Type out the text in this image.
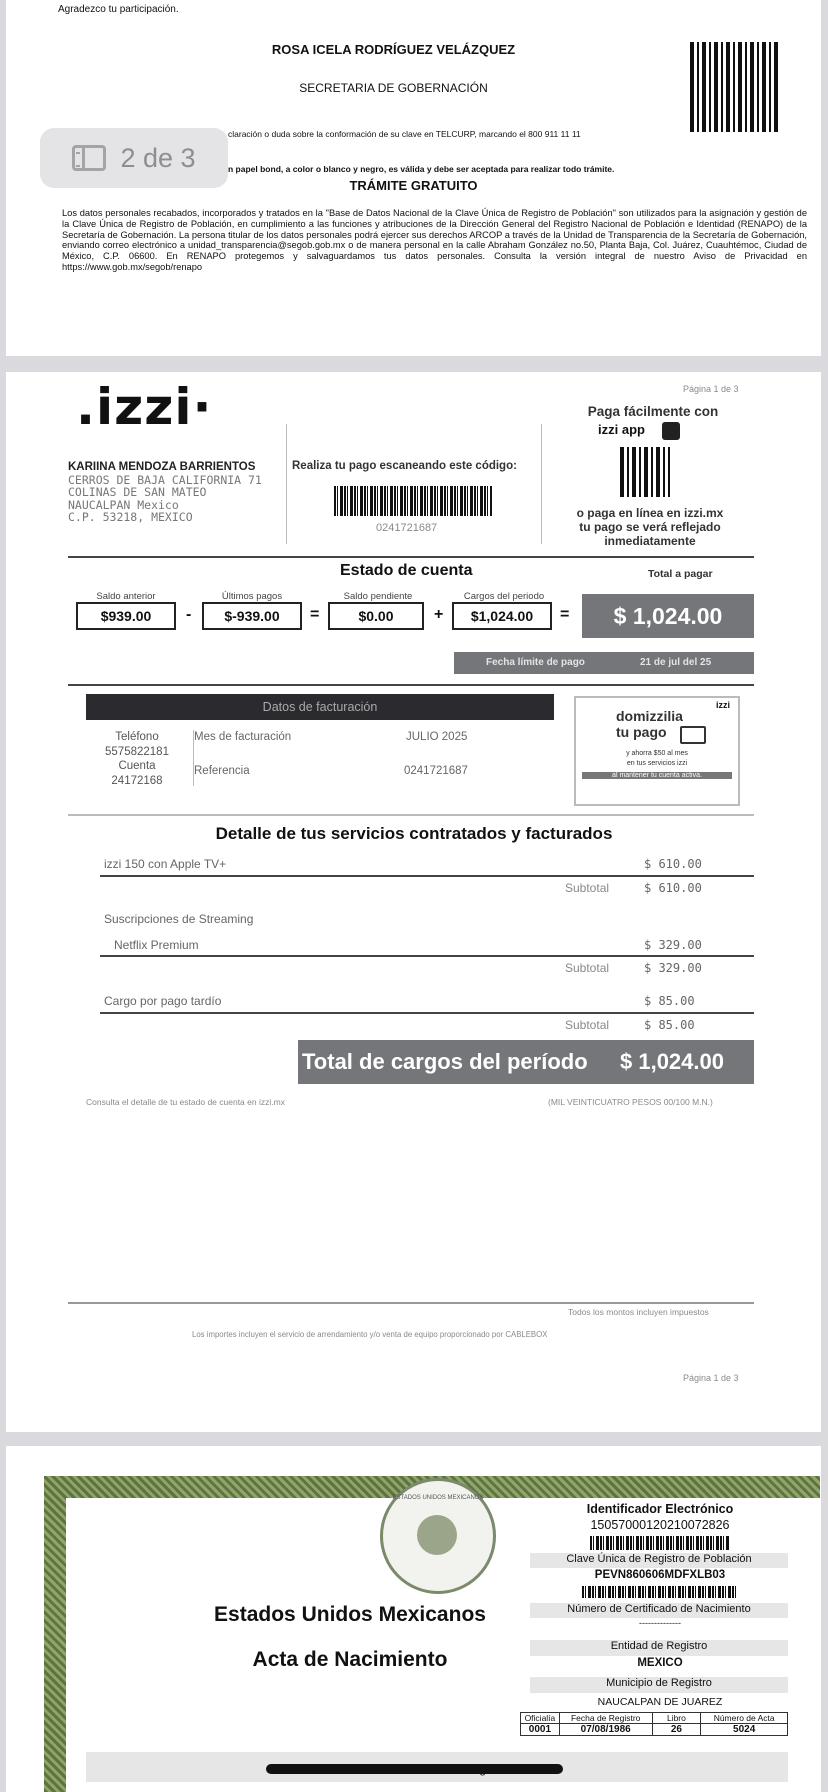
Agradezco tu participación.
ROSA ICELA RODRÍGUEZ VELÁZQUEZ
SECRETARIA DE GOBERNACIÓN
claración o duda sobre la conformación de su clave en TELCURP, marcando el 800 911 11 11
n papel bond, a color o blanco y negro, es válida y debe ser aceptada para realizar todo trámite.
TRÁMITE GRATUITO
Los datos personales recabados, incorporados y tratados en la "Base de Datos Nacional de la Clave Única de Registro de Población" son utilizados para la asignación y gestión de la Clave Única de Registro de Población, en cumplimiento a las funciones y atribuciones de la Dirección General del Registro Nacional de Población e Identidad (RENAPO) de la Secretaría de Gobernación. La persona titular de los datos personales podrá ejercer sus derechos ARCOP a través de la Unidad de Transparencia de la Secretaría de Gobernación, enviando correo electrónico a unidad_transparencia@segob.gob.mx o de manera personal en la calle Abraham González no.50, Planta Baja, Col. Juárez, Cuauhtémoc, Ciudad de México, C.P. 06600. En RENAPO protegemos y salvaguardamos tus datos personales. Consulta la versión integral de nuestro Aviso de Privacidad en https://www.gob.mx/segob/renapo
2 de 3
Página 1 de 3
.izzi·	Paga fácilmente con
izzi app
KARIINA MENDOZA BARRIENTOS
CERROS DE BAJA CALIFORNIA 71
COLINAS DE SAN MATEO
NAUCALPAN Mexico
C.P. 53218, MEXICO
Realiza tu pago escaneando este código:
0241721687
o paga en línea en izzi.mx
tu pago se verá reflejado
inmediatamente
Estado de cuenta	Total a pagar
Saldo anterior	Últimos pagos	Saldo pendiente	Cargos del periodo
$939.00	-	$-939.00	=	$0.00	+	$1,024.00	=	$ 1,024.00
Fecha límite de pago	21 de jul del 25
Datos de facturación
Teléfono
5575822181
Cuenta
24172168
Mes de facturación	JULIO 2025
Referencia	0241721687
izzi
domizzilia
tu pago
y ahorra $50 al mes
en tus servicios izzi
al mantener tu cuenta activa.
Detalle de tus servicios contratados y facturados
izzi 150 con Apple TV+	$ 610.00
Subtotal	$ 610.00
Suscripciones de Streaming
Netflix Premium	$ 329.00
Subtotal	$ 329.00
Cargo por pago tardío	$ 85.00
Subtotal	$ 85.00
Total de cargos del período $ 1,024.00
Consulta el detalle de tu estado de cuenta en izzi.mx	(MIL VEINTICUATRO PESOS 00/100 M.N.)
Todos los montos incluyen impuestos
Los importes incluyen el servicio de arrendamiento y/o venta de equipo proporcionado por CABLEBOX
Página 1 de 3
ESTADOS UNIDOS MEXICANOS
Identificador Electrónico
15057000120210072826
Clave Única de Registro de Población
PEVN860606MDFXLB03
Número de Certificado de Nacimiento
--------------
Estados Unidos Mexicanos
Acta de Nacimiento
Entidad de Registro
MEXICO
Municipio de Registro
NAUCALPAN DE JUAREZ
Oficialía	Fecha de Registro	Libro	Número de Acta
0001	07/08/1986	26	5024
